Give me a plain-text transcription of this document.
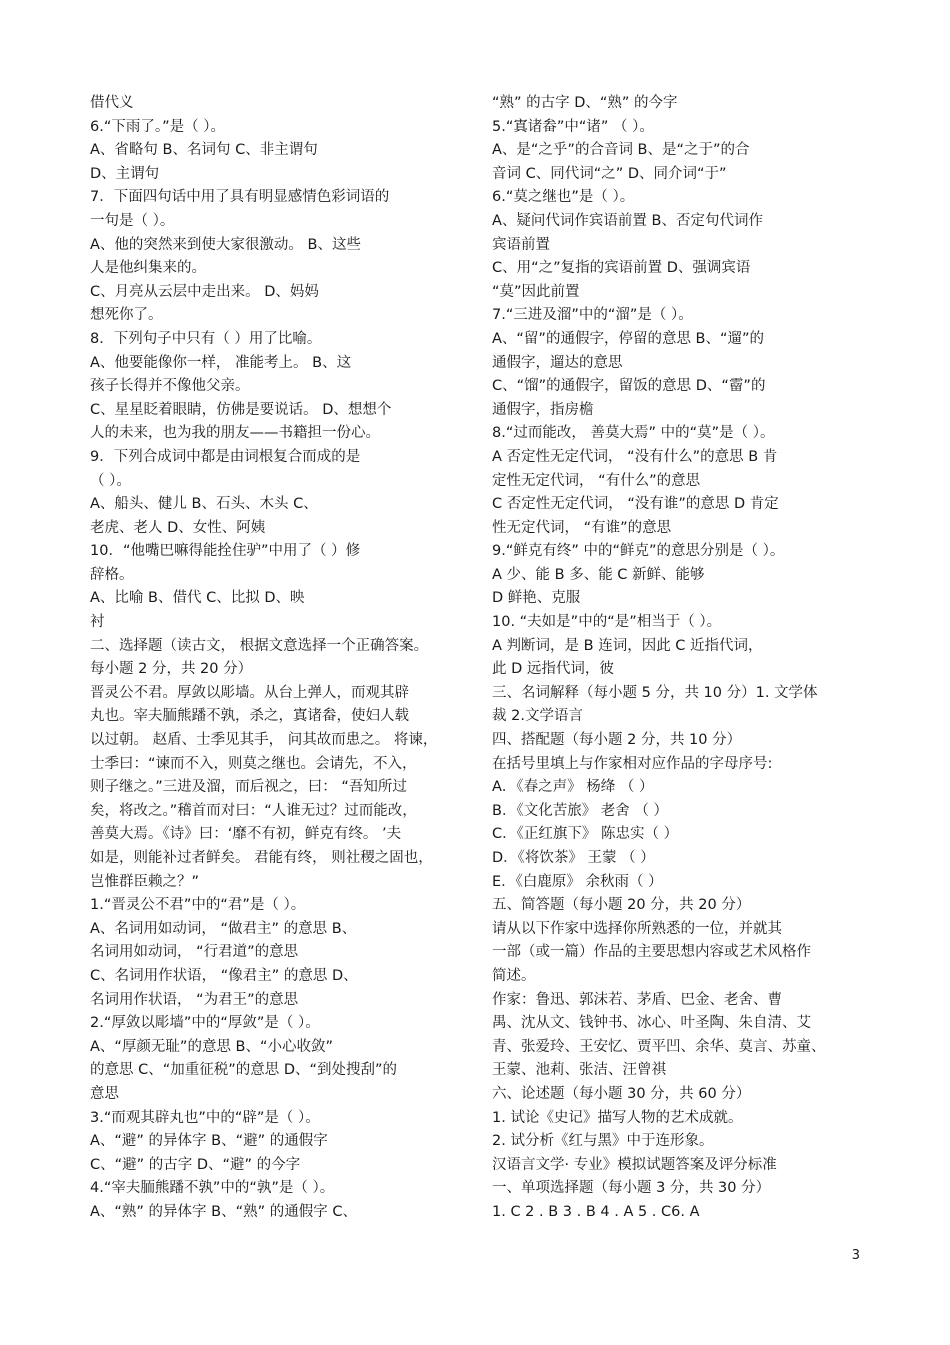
借代义
6.“下雨了。”是（ ）。
A、省略句 B、名词句 C、非主谓句
D、主谓句
7．下面四句话中用了具有明显感情色彩词语的
一句是（ ）。
A、他的突然来到使大家很激动。 B、这些
人是他纠集来的。
C、月亮从云层中走出来。 D、妈妈
想死你了。
8．下列句子中只有（ ）用了比喻。
A、他要能像你一样， 准能考上。 B、这
孩子长得并不像他父亲。
C、星星眨着眼睛，仿佛是要说话。 D、想想个
人的未来，也为我的朋友——书籍担一份心。
9．下列合成词中都是由词根复合而成的是
（ ）。
A、船头、健儿 B、石头、木头 C、
老虎、老人 D、女性、阿姨
10．“他嘴巴嘛得能拴住驴”中用了（ ）修
辞格。
A、比喻 B、借代 C、比拟 D、映
衬
二、选择题（读古文， 根据文意选择一个正确答案。
每小题 2 分，共 20 分）
晋灵公不君。厚敛以彫墙。从台上弹人，而观其辟
丸也。宰夫胹熊蹯不孰，杀之，寘诸畚，使妇人载
以过朝。 赵盾、士季见其手， 问其故而患之。 将谏，
士季曰：“谏而不入，则莫之继也。会请先，不入，
则子继之。”三进及溜，而后视之，曰： “吾知所过
矣，将改之。”稽首而对曰：“人谁无过？过而能改，
善莫大焉。《诗》曰：‘靡不有初，鲜克有终。 ’夫
如是，则能补过者鲜矣。 君能有终， 则社稷之固也，
岂惟群臣赖之？”
1.“晋灵公不君”中的“君”是（ ）。
A、名词用如动词， “做君主” 的意思 B、
名词用如动词， “行君道”的意思
C、名词用作状语， “像君主” 的意思 D、
名词用作状语， “为君王”的意思
2.“厚敛以彫墙”中的“厚敛”是（ ）。
A、“厚颜无耻”的意思 B、“小心收敛”
的意思 C、“加重征税”的意思 D、“到处搜刮”的
意思
3.“而观其辟丸也”中的“辟”是（ ）。
A、“避” 的异体字 B、“避” 的通假字
C、“避” 的古字 D、“避” 的今字
4.“宰夫胹熊蹯不孰”中的“孰”是（ ）。
A、“熟” 的异体字 B、“熟” 的通假字 C、
“熟” 的古字 D、“熟” 的今字
5.“寘诸畚”中“诸” （ ）。
A、是“之乎”的合音词 B、是“之于”的合
音词 C、同代词“之” D、同介词“于”
6.“莫之继也”是（ ）。
A、疑问代词作宾语前置 B、否定句代词作
宾语前置
C、用“之”复指的宾语前置 D、强调宾语
“莫”因此前置
7.“三进及溜”中的“溜”是（ ）。
A、“留”的通假字，停留的意思 B、“遛”的
通假字，遛达的意思
C、“馏”的通假字，留饭的意思 D、“霤”的
通假字，指房檐
8.“过而能改， 善莫大焉” 中的“莫”是（ ）。
A 否定性无定代词， “没有什么”的意思 B 肯
定性无定代词， “有什么”的意思
C 否定性无定代词， “没有谁”的意思 D 肯定
性无定代词， “有谁”的意思
9.“鲜克有终” 中的“鲜克”的意思分别是（ ）。
A 少、能 B 多、能 C 新鲜、能够
D 鲜艳、克服
10. “夫如是”中的“是”相当于（ ）。
A 判断词，是 B 连词，因此 C 近指代词，
此 D 远指代词，彼
三、名词解释（每小题 5 分，共 10 分）1. 文学体
裁 2.文学语言
四、搭配题（每小题 2 分，共 10 分）
在括号里填上与作家相对应作品的字母序号:
A．《春之声》 杨绛 （ ）
B．《文化苦旅》 老舍 （ ）
C．《正红旗下》 陈忠实（ ）
D．《将饮茶》 王蒙 （ ）
E．《白鹿原》 余秋雨（ ）
五、简答题（每小题 20 分，共 20 分）
请从以下作家中选择你所熟悉的一位，并就其
一部（或一篇）作品的主要思想内容或艺术风格作
简述。
作家：鲁迅、郭沫若、茅盾、巴金、老舍、曹
禺、沈从文、钱钟书、冰心、叶圣陶、朱自清、艾
青、张爱玲、王安忆、贾平凹、余华、莫言、苏童、
王蒙、池莉、张洁、汪曾祺
六、论述题（每小题 30 分，共 60 分）
1. 试论《史记》描写人物的艺术成就。
2. 试分析《红与黑》中于连形象。
汉语言文学· 专业》模拟试题答案及评分标准
一、单项选择题（每小题 3 分，共 30 分）
1. C 2 . B 3 . B 4 . A 5 . C6. A
3
